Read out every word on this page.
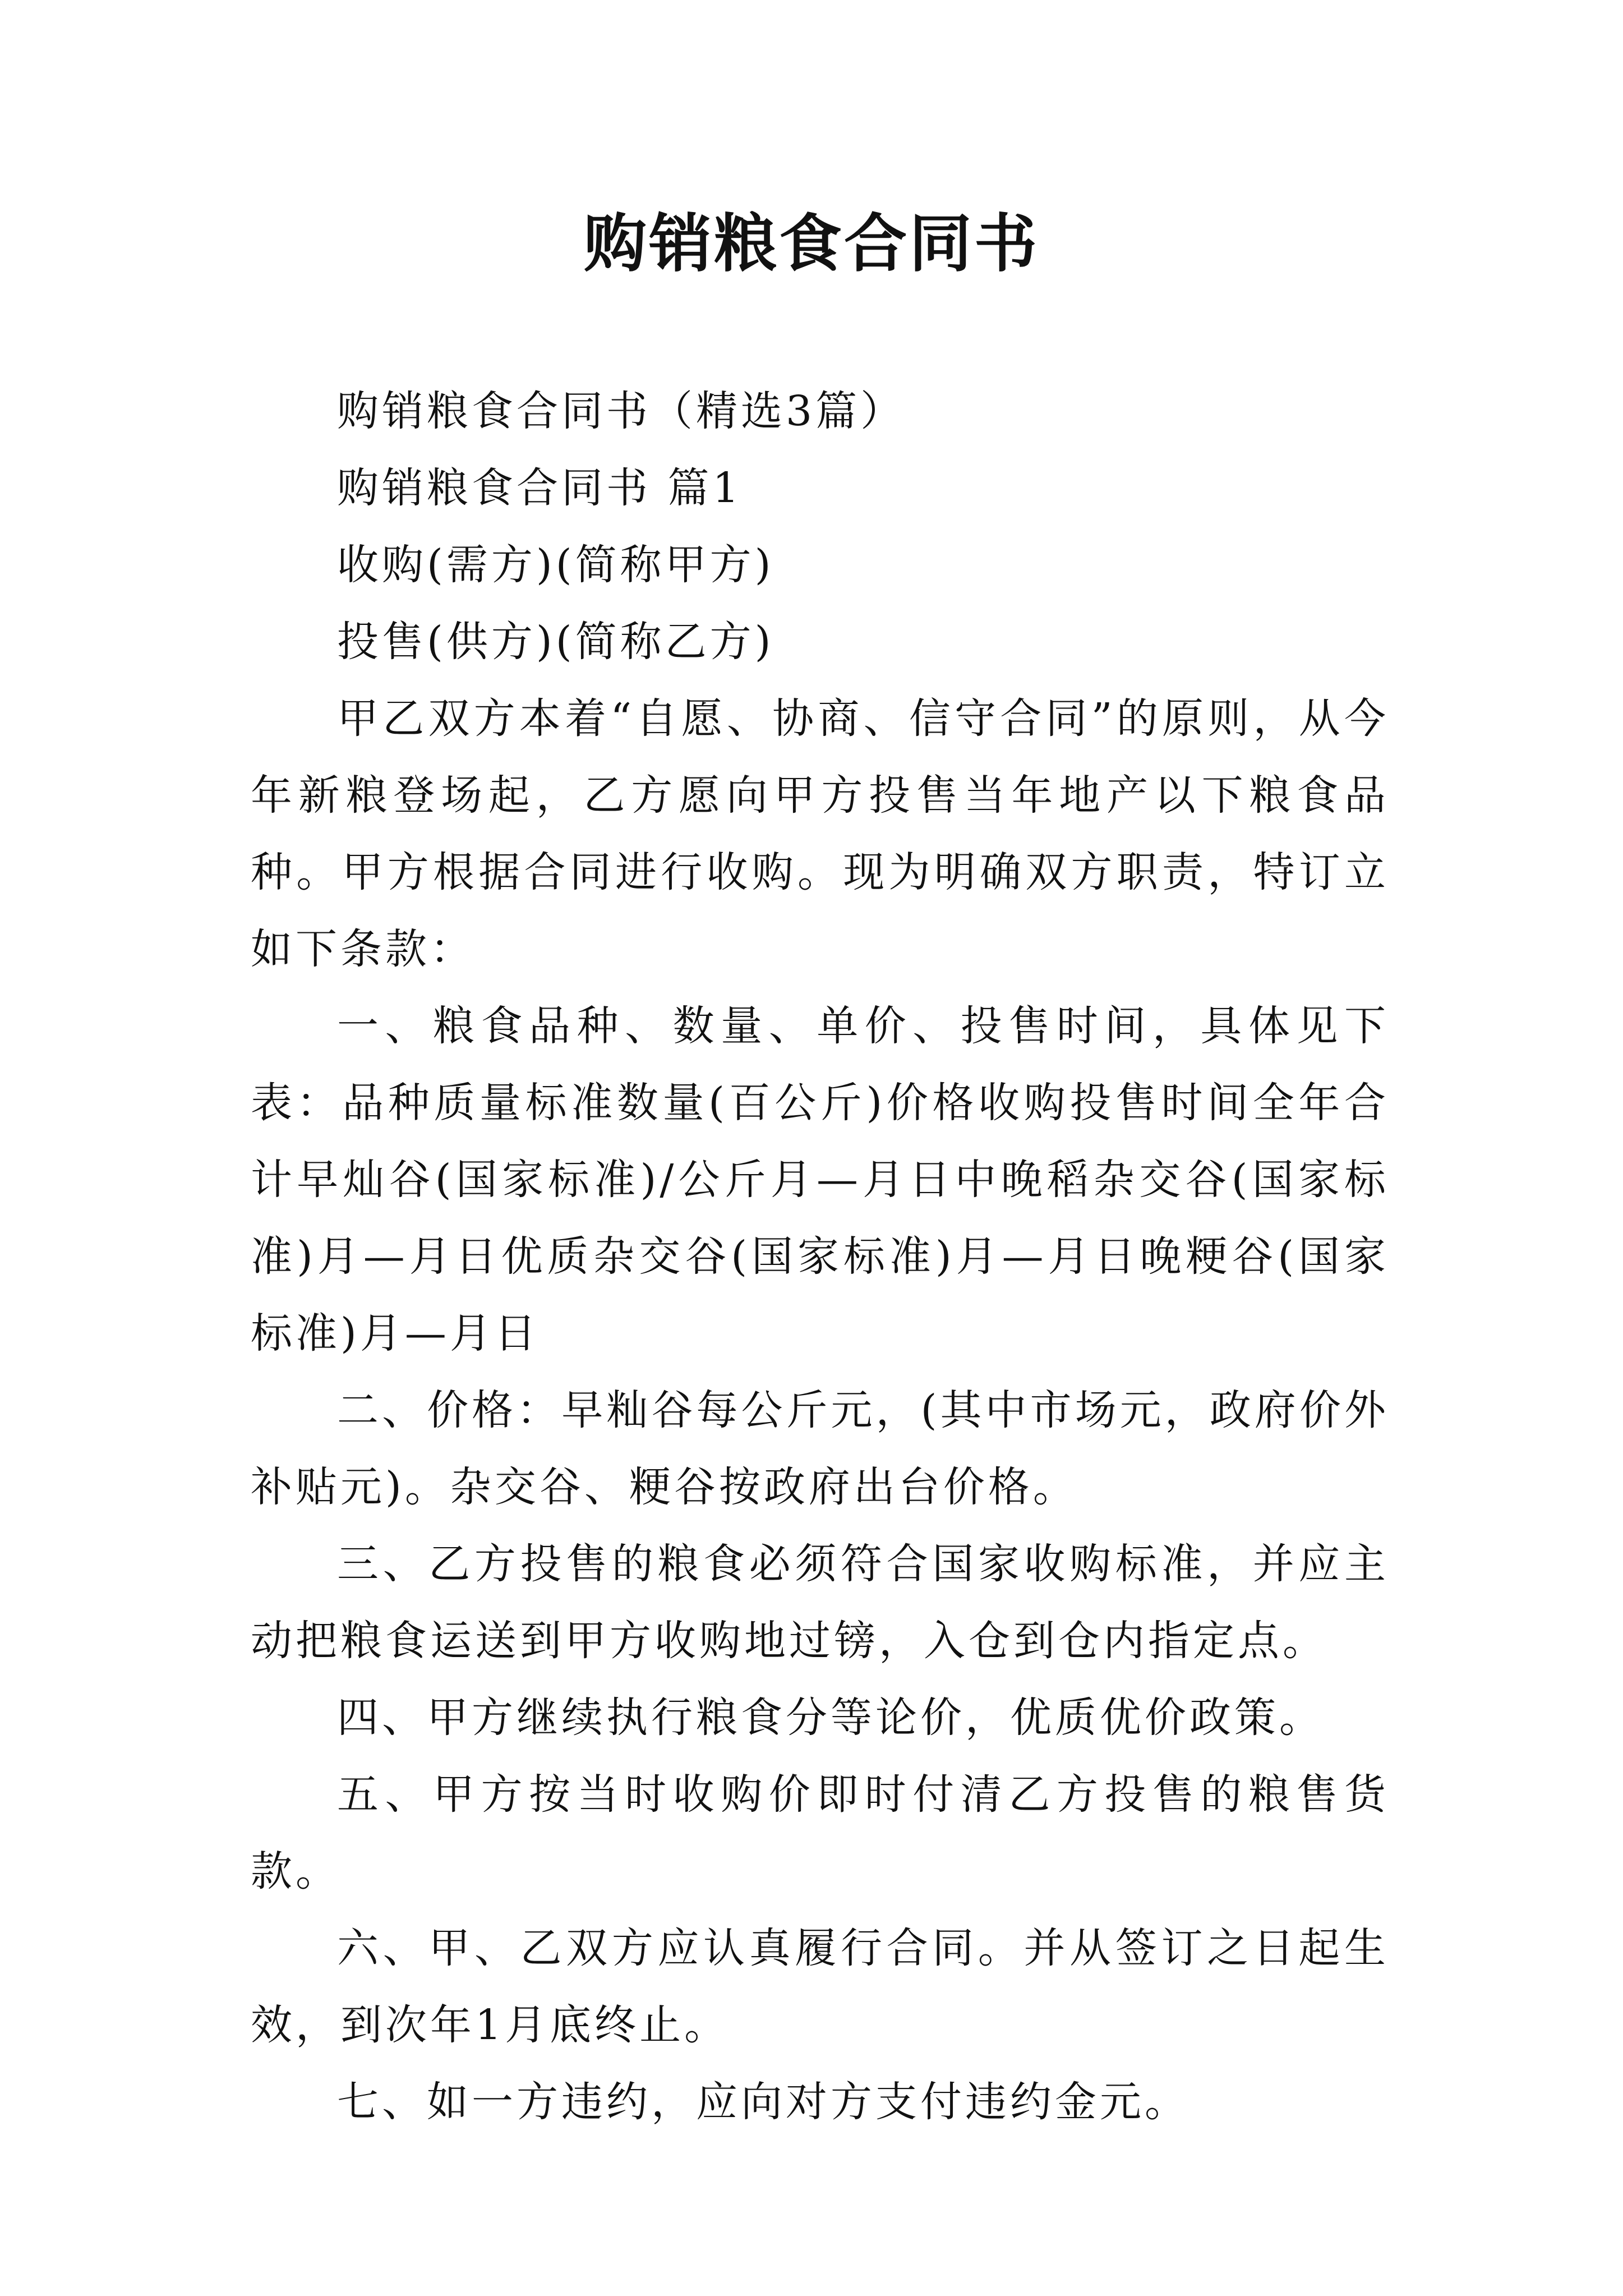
购销粮食合同书

购销粮食合同书（精选3篇）

购销粮食合同书 篇1

收购(需方)(简称甲方)

投售(供方)(简称乙方)

甲乙双方本着“自愿、协商、信守合同”的原则，从今年新粮登场起，乙方愿向甲方投售当年地产以下粮食品种。甲方根据合同进行收购。现为明确双方职责，特订立如下条款：

一、粮食品种、数量、单价、投售时间，具体见下表：品种质量标准数量(百公斤)价格收购投售时间全年合计早灿谷(国家标准)/公斤月—月日中晚稻杂交谷(国家标准)月—月日优质杂交谷(国家标准)月—月日晚粳谷(国家标准)月—月日

二、价格：早籼谷每公斤元，(其中市场元，政府价外补贴元)。杂交谷、粳谷按政府出台价格。

三、乙方投售的粮食必须符合国家收购标准，并应主动把粮食运送到甲方收购地过镑，入仓到仓内指定点。

四、甲方继续执行粮食分等论价，优质优价政策。

五、甲方按当时收购价即时付清乙方投售的粮售货款。

六、甲、乙双方应认真履行合同。并从签订之日起生效，到次年1月底终止。

七、如一方违约，应向对方支付违约金元。
